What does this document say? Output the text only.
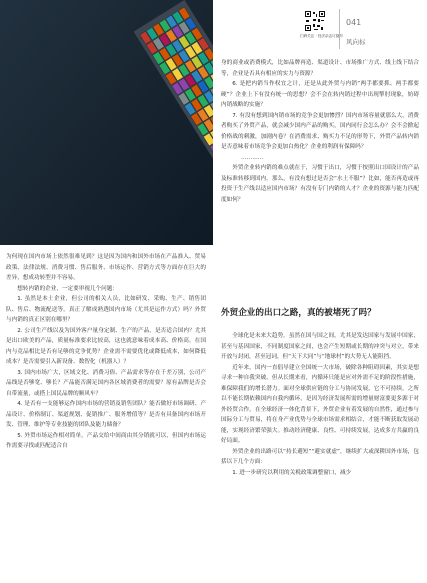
扫码关注 · 经济杂志订阅号
041
风向标

为何现在国内市场上依然很难见到？这是因为国内和国外市场在产品准入、贸易政策、法律法规、消费习惯、售后服务、市场运作、营销方式等方面存在巨大的差异，想成功转型并不容易。

想转内销的企业，一定要审视几个问题：

1. 虽然是本土企业，但公司的相关人员，比如研发、采购、生产、销售团队、售后、物流配送等，真正了解成熟透国内市场（尤其是运作方式）吗？外贸与内销的真正区别在哪里？

2. 公司生产线以及为国外客户量身定制、生产的产品，是否适合国内？尤其是出口欧美的产品，质量标准要求比较高，这也就意味着成本高、价格高。在国内与竞品相比是否有足够的竞争优势？企业需不需要优化或降低成本，如何降低成本？是否需要引入新设备、数智化（机器人）？

3. 国内市场广大，区域文化、消费习俗、产品需求等存在千差万别，公司产品线是否够宽、够长？产品能否满足国内各区域消费者的需要？原有品牌是否会自带流量，或搭上国民品牌的顺风车？

4. 是否有一支能够运作国内市场的营销及销售团队？能否做好市场调研、产品设计、价格制订、渠道规划、促销推广、服务增值等？是否有具备国内市场开发、管理、维护等专业技能的团队及能力储备？

5. 外贸市场运作相对简单，产品交给中间商由其分销就可以，但国内市场运作需要寻找或匹配适合自

身的商业或消费模式，比如品牌再造、渠道设计、市场推广方式、线上线下结合等，企业是否具有相应的实力与资源？

6. 是把内销当作权宜之计，还是从此外贸与内销“两手都要抓、两手都要硬”？企业上下有没有统一的思想？会不会在转内销过程中出现掣肘现象，妨碍内销战略的实施？

7. 有没有想到国内销市场的竞争会更加惨烈？国内市场容量就那么大，消费者购买了外贸产品，就会减少国内产品的购买，国内同行会怎么办？会不会掀起价格战的刺激，加剧内卷？在消费需求、购买力不足的形势下，外贸产品转内销是否意味着市场竞争会更加白热化？企业的利润有保障吗？

…………

外贸企业转内销的难点就在于，习惯于出口，习惯于按照出口国设计的产品及标准转移到国内。那么，有没有想过是否会“水土不服”？比如，能否再造或再投资于生产线以适应国内市场？有没有专门内销的人才？企业的资源与能力匹配度如何？

外贸企业的出口之路，真的被堵死了吗？

全球化是未来大趋势。虽然在国与国之间，尤其是发达国家与发展中国家，甚至与基因国家，不同制度国家之间，也会产生短期或长期的冲突与对立，带来开放与封闭，甚至冠词，但“天下大同”与“地球村”的大势无人能阻挡。

近年来，国内一直倡导建立全国统一大市场，破除各种阻碍因素，其实是想寻求一种自我突破。但从长期来看，内循环只能是应对外需不足的阶段性措施，难保障我们的增长潜力。面对全球供应链的分工与协同发展，它不可持续。之所以不能长期依赖国内自我内循环，是因为经济发展所需的增量财富要更多源于对外经贸合作。在全球经济一体化背景下，外贸企业有着发展的自然性，通过参与国际分工与贸易，将在身产业优势与全球市场需求相结合，才能不断获取发展动能，实现经济繁荣强大。推动经济健康、良性、可持续发展，达成多方共赢的良好局面。

外贸企业的出路可以“持长避短”“避实就虚”，继续扩大或深耕国外市场，包括以下几个方面：

1. 进一步研究以利用的关税政策调整窗口，减少
